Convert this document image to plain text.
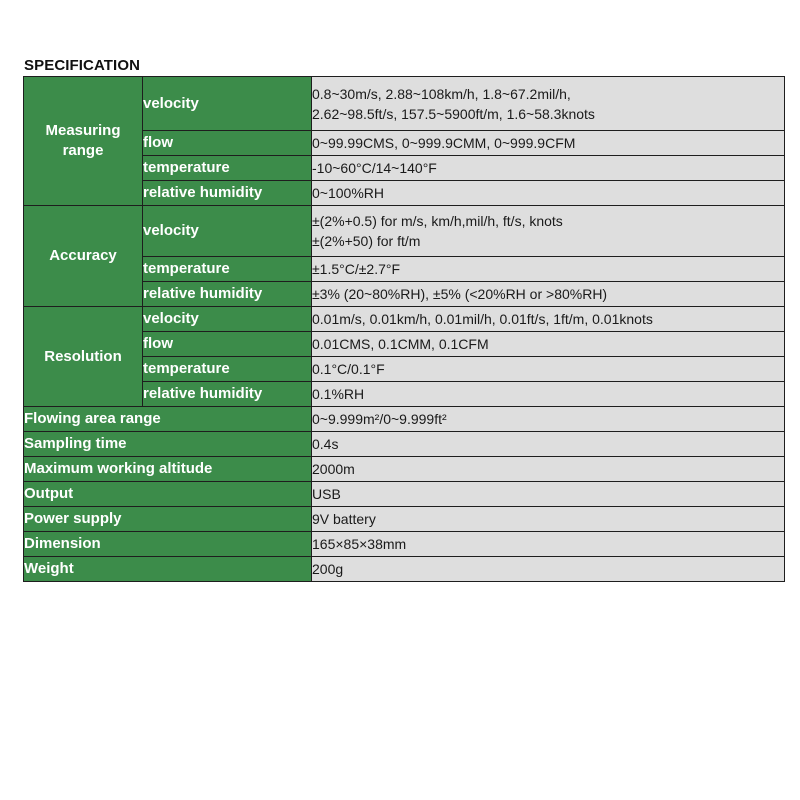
SPECIFICATION
Measuring range	velocity	0.8~30m/s, 2.88~108km/h, 1.8~67.2mil/h,
2.62~98.5ft/s, 157.5~5900ft/m, 1.6~58.3knots

	flow	0~99.99CMS, 0~999.9CMM, 0~999.9CFM
	temperature	-10~60°C/14~140°F
	relative humidity	0~100%RH
Accuracy	velocity	±(2%+0.5) for m/s, km/h,mil/h, ft/s, knots
±(2%+50) for ft/m

	temperature	±1.5°C/±2.7°F
	relative humidity	±3% (20~80%RH), ±5% (<20%RH or >80%RH)
Resolution	velocity	0.01m/s, 0.01km/h, 0.01mil/h, 0.01ft/s, 1ft/m, 0.01knots
	flow	0.01CMS, 0.1CMM, 0.1CFM
	temperature	0.1°C/0.1°F
	relative humidity	0.1%RH
Flowing area range		0~9.999m²/0~9.999ft²
Sampling time		0.4s
Maximum working altitude		2000m
Output		USB
Power supply		9V battery
Dimension		165×85×38mm
Weight		200g
